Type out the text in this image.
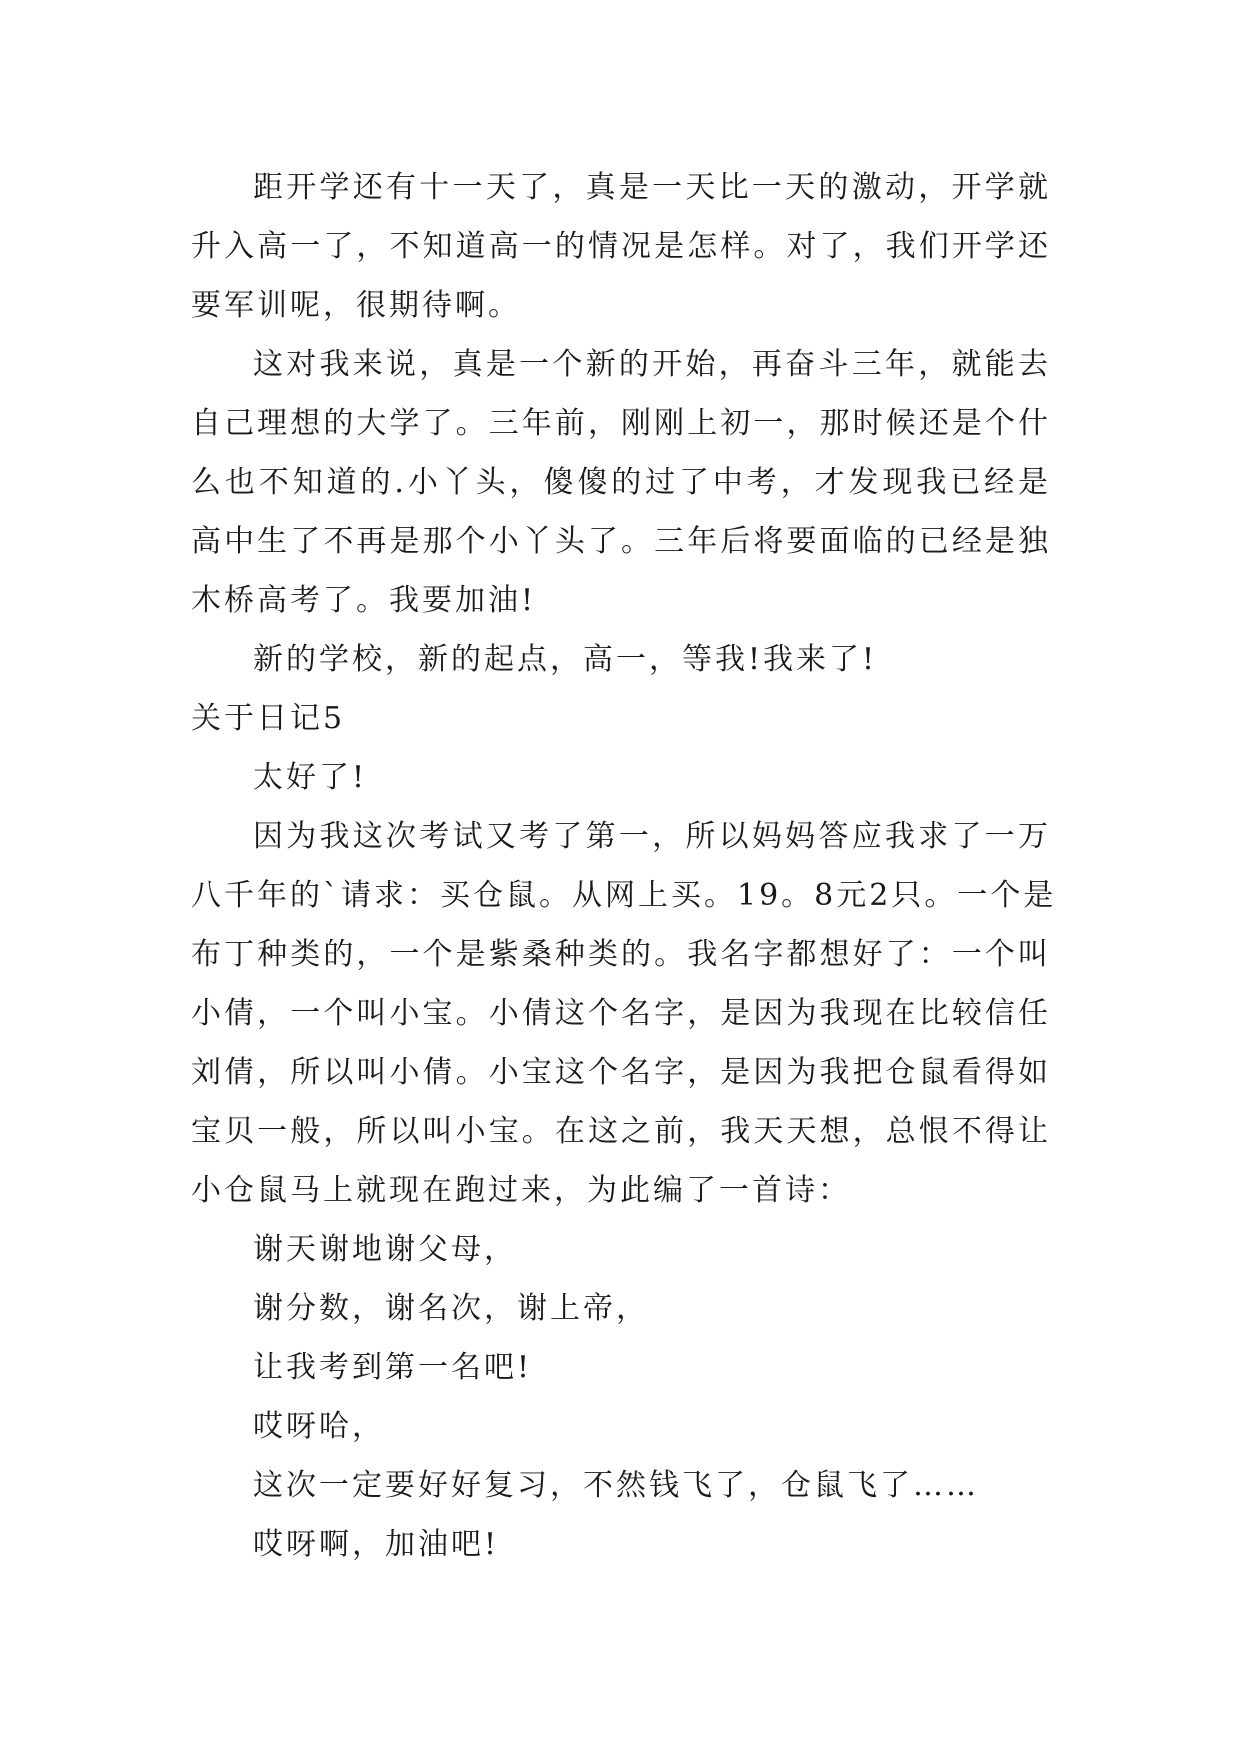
距开学还有十一天了，真是一天比一天的激动，开学就
升入高一了，不知道高一的情况是怎样。对了，我们开学还
要军训呢，很期待啊。
这对我来说，真是一个新的开始，再奋斗三年，就能去
自己理想的大学了。三年前，刚刚上初一，那时候还是个什
么也不知道的.小丫头，傻傻的过了中考，才发现我已经是
高中生了不再是那个小丫头了。三年后将要面临的已经是独
木桥高考了。我要加油!
新的学校，新的起点，高一，等我!我来了!
关于日记5
太好了!
因为我这次考试又考了第一，所以妈妈答应我求了一万
八千年的`请求：买仓鼠。从网上买。19。8元2只。一个是
布丁种类的，一个是紫桑种类的。我名字都想好了：一个叫
小倩，一个叫小宝。小倩这个名字，是因为我现在比较信任
刘倩，所以叫小倩。小宝这个名字，是因为我把仓鼠看得如
宝贝一般，所以叫小宝。在这之前，我天天想，总恨不得让
小仓鼠马上就现在跑过来，为此编了一首诗：
谢天谢地谢父母，
谢分数，谢名次，谢上帝，
让我考到第一名吧!
哎呀哈，
这次一定要好好复习，不然钱飞了，仓鼠飞了……
哎呀啊，加油吧!
